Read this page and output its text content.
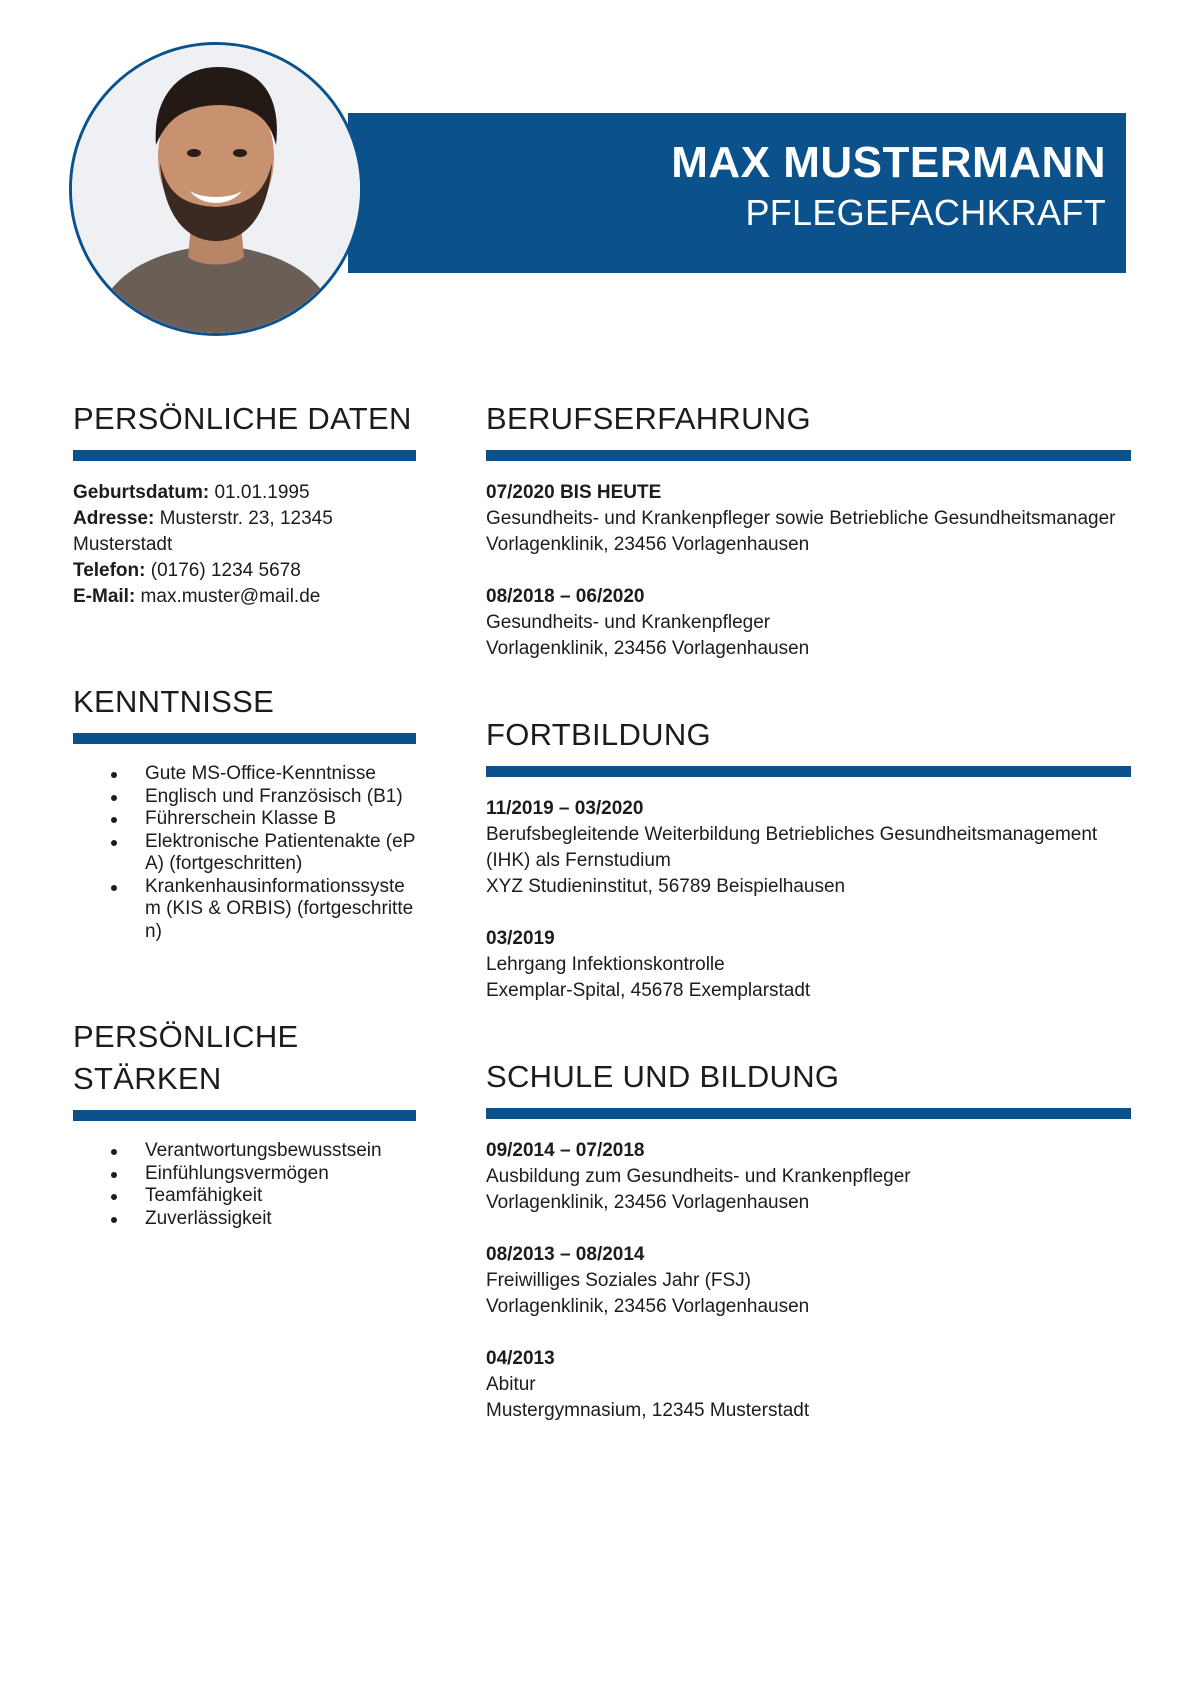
MAX MUSTERMANN
PFLEGEFACHKRAFT
PERSÖNLICHE DATEN
Geburtsdatum: 01.01.1995
Adresse: Musterstr. 23, 12345 Musterstadt
Telefon: (0176) 1234 5678
E-Mail: max.muster@mail.de
KENNTNISSE
Gute MS-Office-Kenntnisse
Englisch und Französisch (B1)
Führerschein Klasse B
Elektronische Patientenakte (ePA) (fortgeschritten)
Krankenhausinformationssystem (KIS & ORBIS) (fortgeschritten)
PERSÖNLICHE STÄRKEN
Verantwortungsbewusstsein
Einfühlungsvermögen
Teamfähigkeit
Zuverlässigkeit
BERUFSERFAHRUNG
07/2020 BIS HEUTE
Gesundheits- und Krankenpfleger sowie Betriebliche Gesundheitsmanager
Vorlagenklinik, 23456 Vorlagenhausen
08/2018 – 06/2020
Gesundheits- und Krankenpfleger
Vorlagenklinik, 23456 Vorlagenhausen
FORTBILDUNG
11/2019 – 03/2020
Berufsbegleitende Weiterbildung Betriebliches Gesundheitsmanagement (IHK) als Fernstudium
XYZ Studieninstitut, 56789 Beispielhausen
03/2019
Lehrgang Infektionskontrolle
Exemplar-Spital, 45678 Exemplarstadt
SCHULE UND BILDUNG
09/2014 – 07/2018
Ausbildung zum Gesundheits- und Krankenpfleger
Vorlagenklinik, 23456 Vorlagenhausen
08/2013 – 08/2014
Freiwilliges Soziales Jahr (FSJ)
Vorlagenklinik, 23456 Vorlagenhausen
04/2013
Abitur
Mustergymnasium, 12345 Musterstadt
